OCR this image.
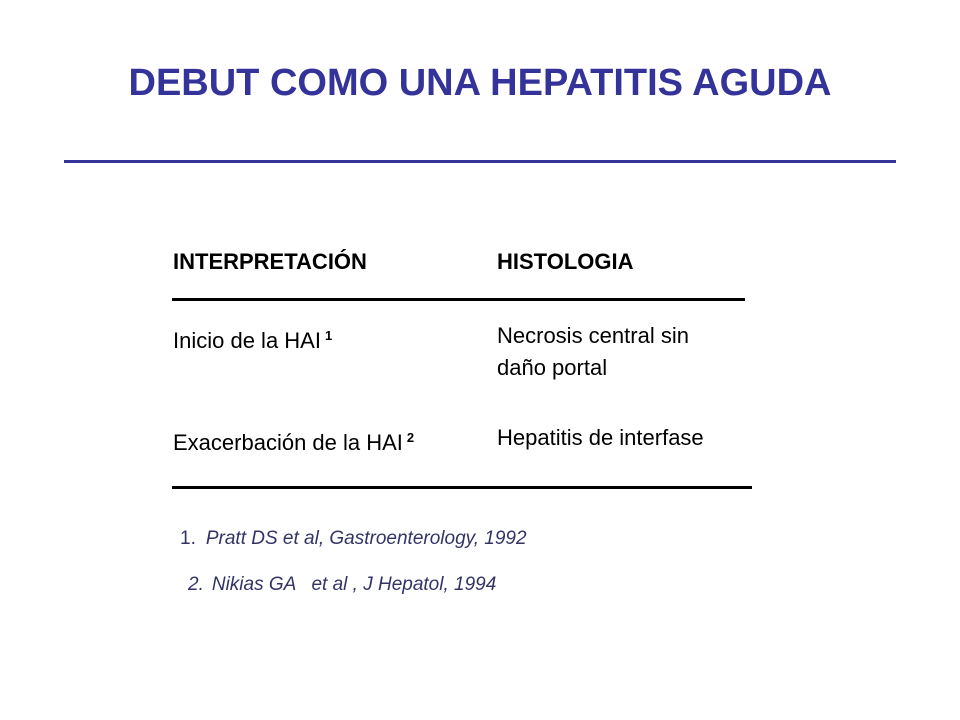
DEBUT COMO UNA HEPATITIS AGUDA
INTERPRETACIÓN	HISTOLOGIA
Inicio de la HAI $^1$	Necrosis central sin
daño portal
Exacerbación de la HAI $^2$	Hepatitis de interfase
1. Pratt DS et al, Gastroenterology, 1992
2. Nikias GA   et al , J Hepatol, 1994
